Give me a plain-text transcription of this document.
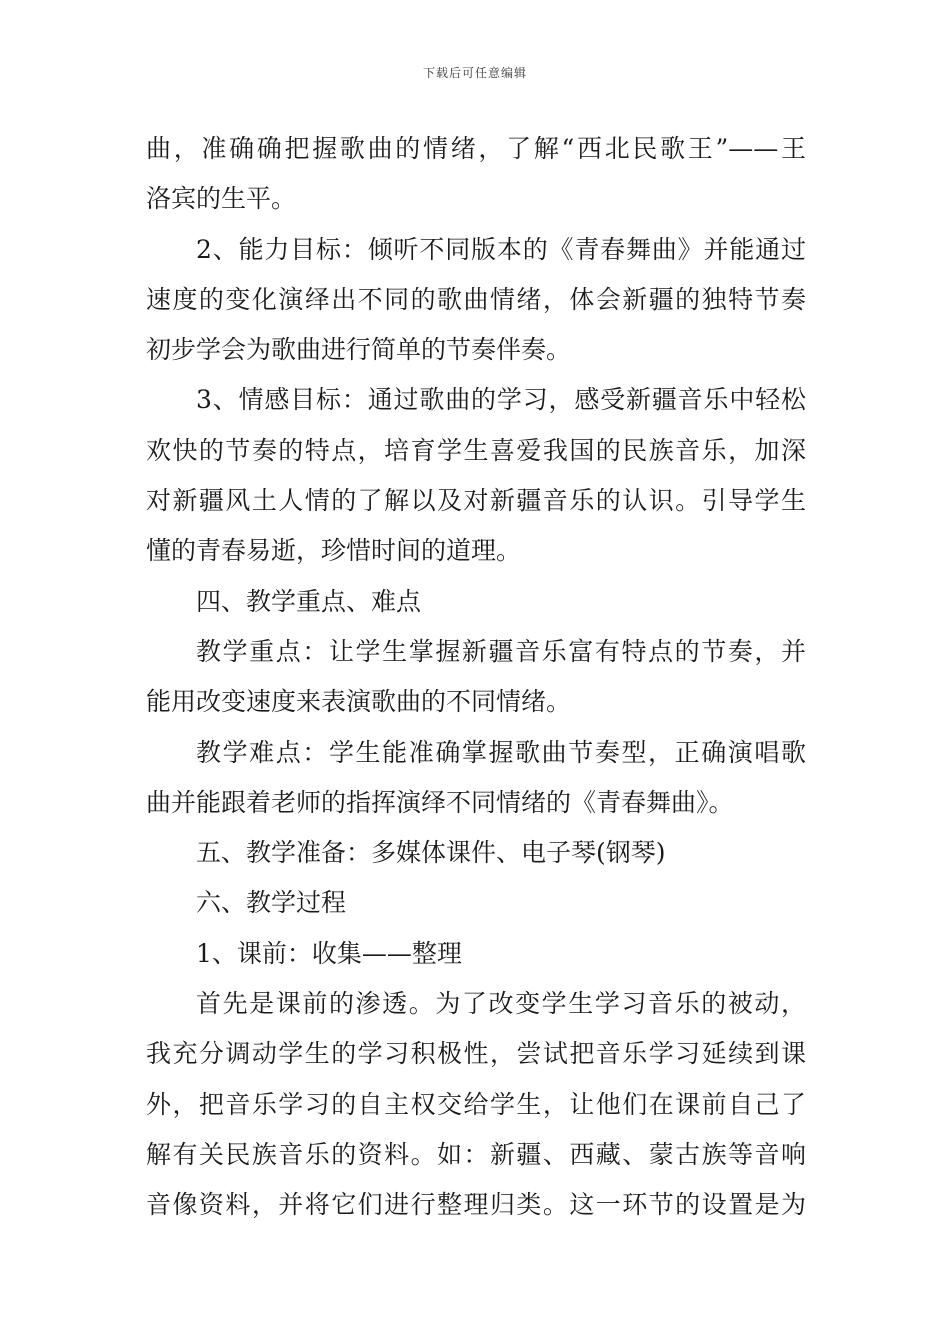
下载后可任意编辑
曲，准确确把握歌曲的情绪，了解“西北民歌王”——王
洛宾的生平。
2、能力目标：倾听不同版本的《青春舞曲》并能通过
速度的变化演绎出不同的歌曲情绪，体会新疆的独特节奏
初步学会为歌曲进行简单的节奏伴奏。
3、情感目标：通过歌曲的学习，感受新疆音乐中轻松
欢快的节奏的特点，培育学生喜爱我国的民族音乐，加深
对新疆风土人情的了解以及对新疆音乐的认识。引导学生
懂的青春易逝，珍惜时间的道理。
四、教学重点、难点
教学重点：让学生掌握新疆音乐富有特点的节奏，并
能用改变速度来表演歌曲的不同情绪。
教学难点：学生能准确掌握歌曲节奏型，正确演唱歌
曲并能跟着老师的指挥演绎不同情绪的《青春舞曲》。
五、教学准备：多媒体课件、电子琴(钢琴)
六、教学过程
1、课前：收集——整理
首先是课前的渗透。为了改变学生学习音乐的被动，
我充分调动学生的学习积极性，尝试把音乐学习延续到课
外，把音乐学习的自主权交给学生，让他们在课前自己了
解有关民族音乐的资料。如：新疆、西藏、蒙古族等音响
音像资料，并将它们进行整理归类。这一环节的设置是为
